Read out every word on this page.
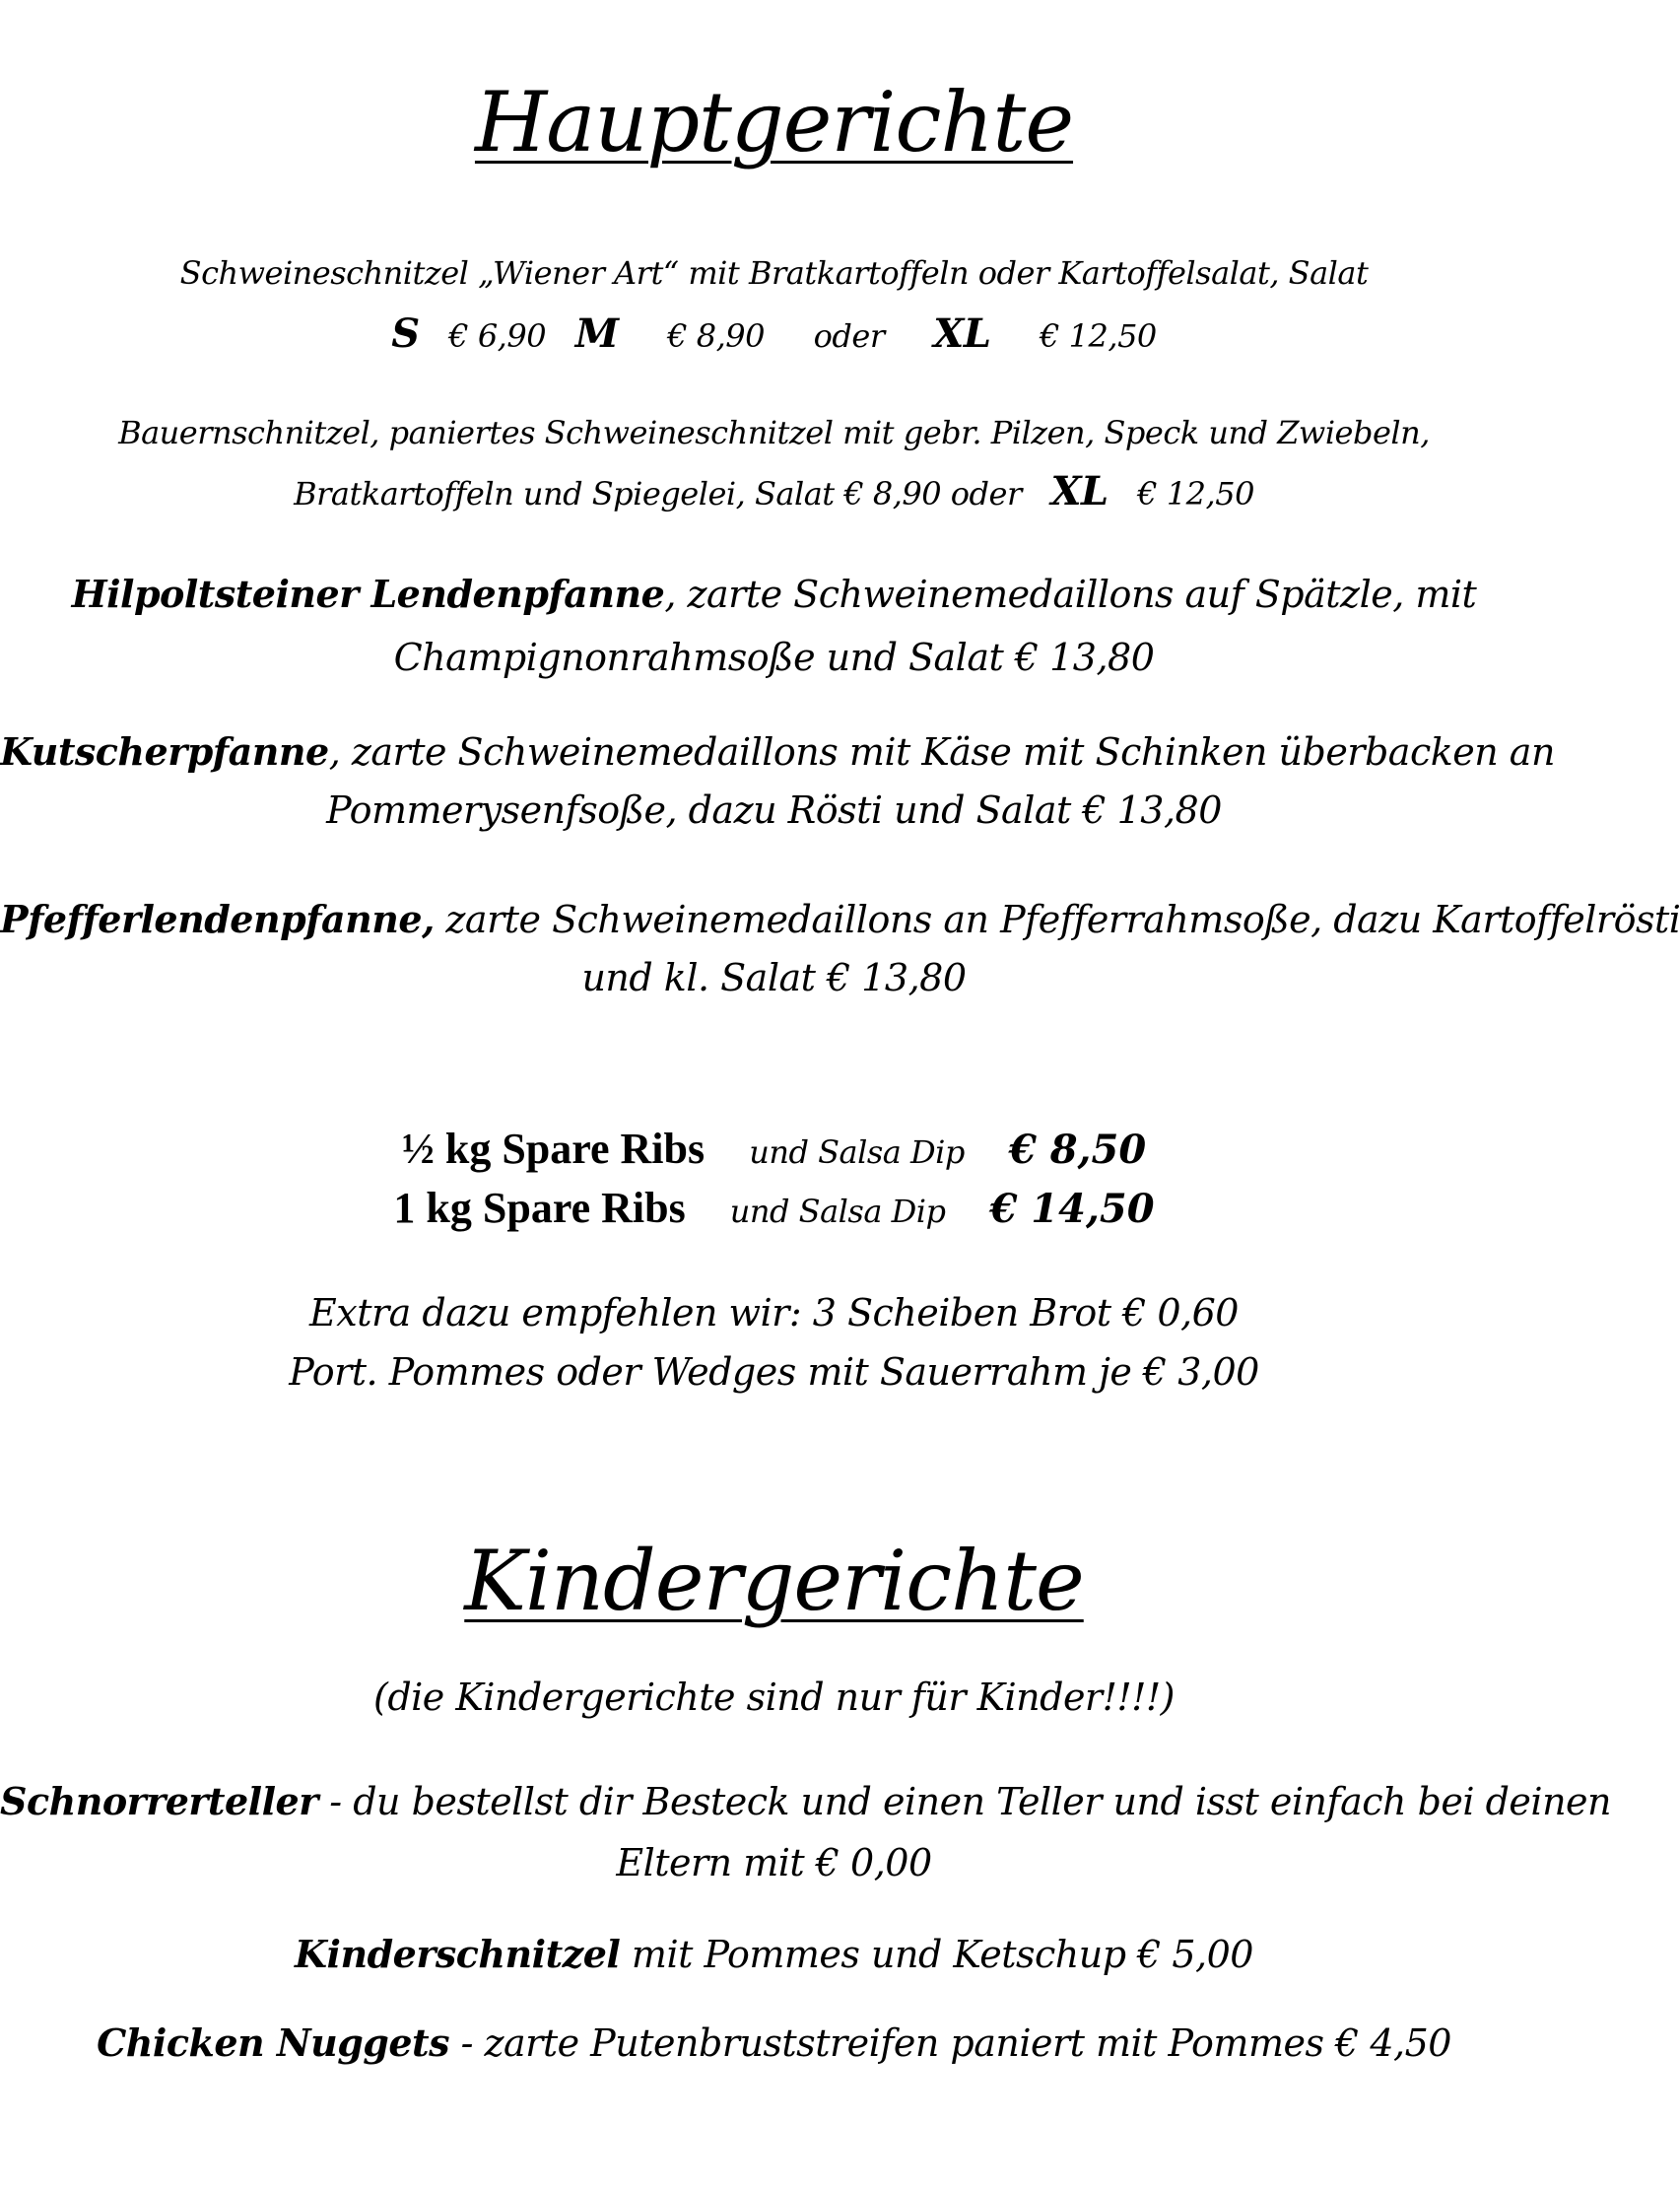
Hauptgerichte
Schweineschnitzel „Wiener Art“ mit Bratkartoffeln oder Kartoffelsalat, Salat
S € 6,90 M € 8,90 oder XL € 12,50
Bauernschnitzel, paniertes Schweineschnitzel mit gebr. Pilzen, Speck und Zwiebeln,
Bratkartoffeln und Spiegelei, Salat € 8,90 oder XL € 12,50
Hilpoltsteiner Lendenpfanne, zarte Schweinemedaillons auf Spätzle, mit
Champignonrahmsoße und Salat € 13,80
Kutscherpfanne, zarte Schweinemedaillons mit Käse mit Schinken überbacken an
Pommerysenfsoße, dazu Rösti und Salat € 13,80
Pfefferlendenpfanne, zarte Schweinemedaillons an Pfefferrahmsoße, dazu Kartoffelrösti
und kl. Salat € 13,80
½ kg Spare Ribs und Salsa Dip € 8,50
1 kg Spare Ribs und Salsa Dip € 14,50
Extra dazu empfehlen wir: 3 Scheiben Brot € 0,60
Port. Pommes oder Wedges mit Sauerrahm je € 3,00
Kindergerichte
(die Kindergerichte sind nur für Kinder!!!!)
Schnorrerteller - du bestellst dir Besteck und einen Teller und isst einfach bei deinen
Eltern mit € 0,00
Kinderschnitzel mit Pommes und Ketschup € 5,00
Chicken Nuggets - zarte Putenbruststreifen paniert mit Pommes € 4,50
